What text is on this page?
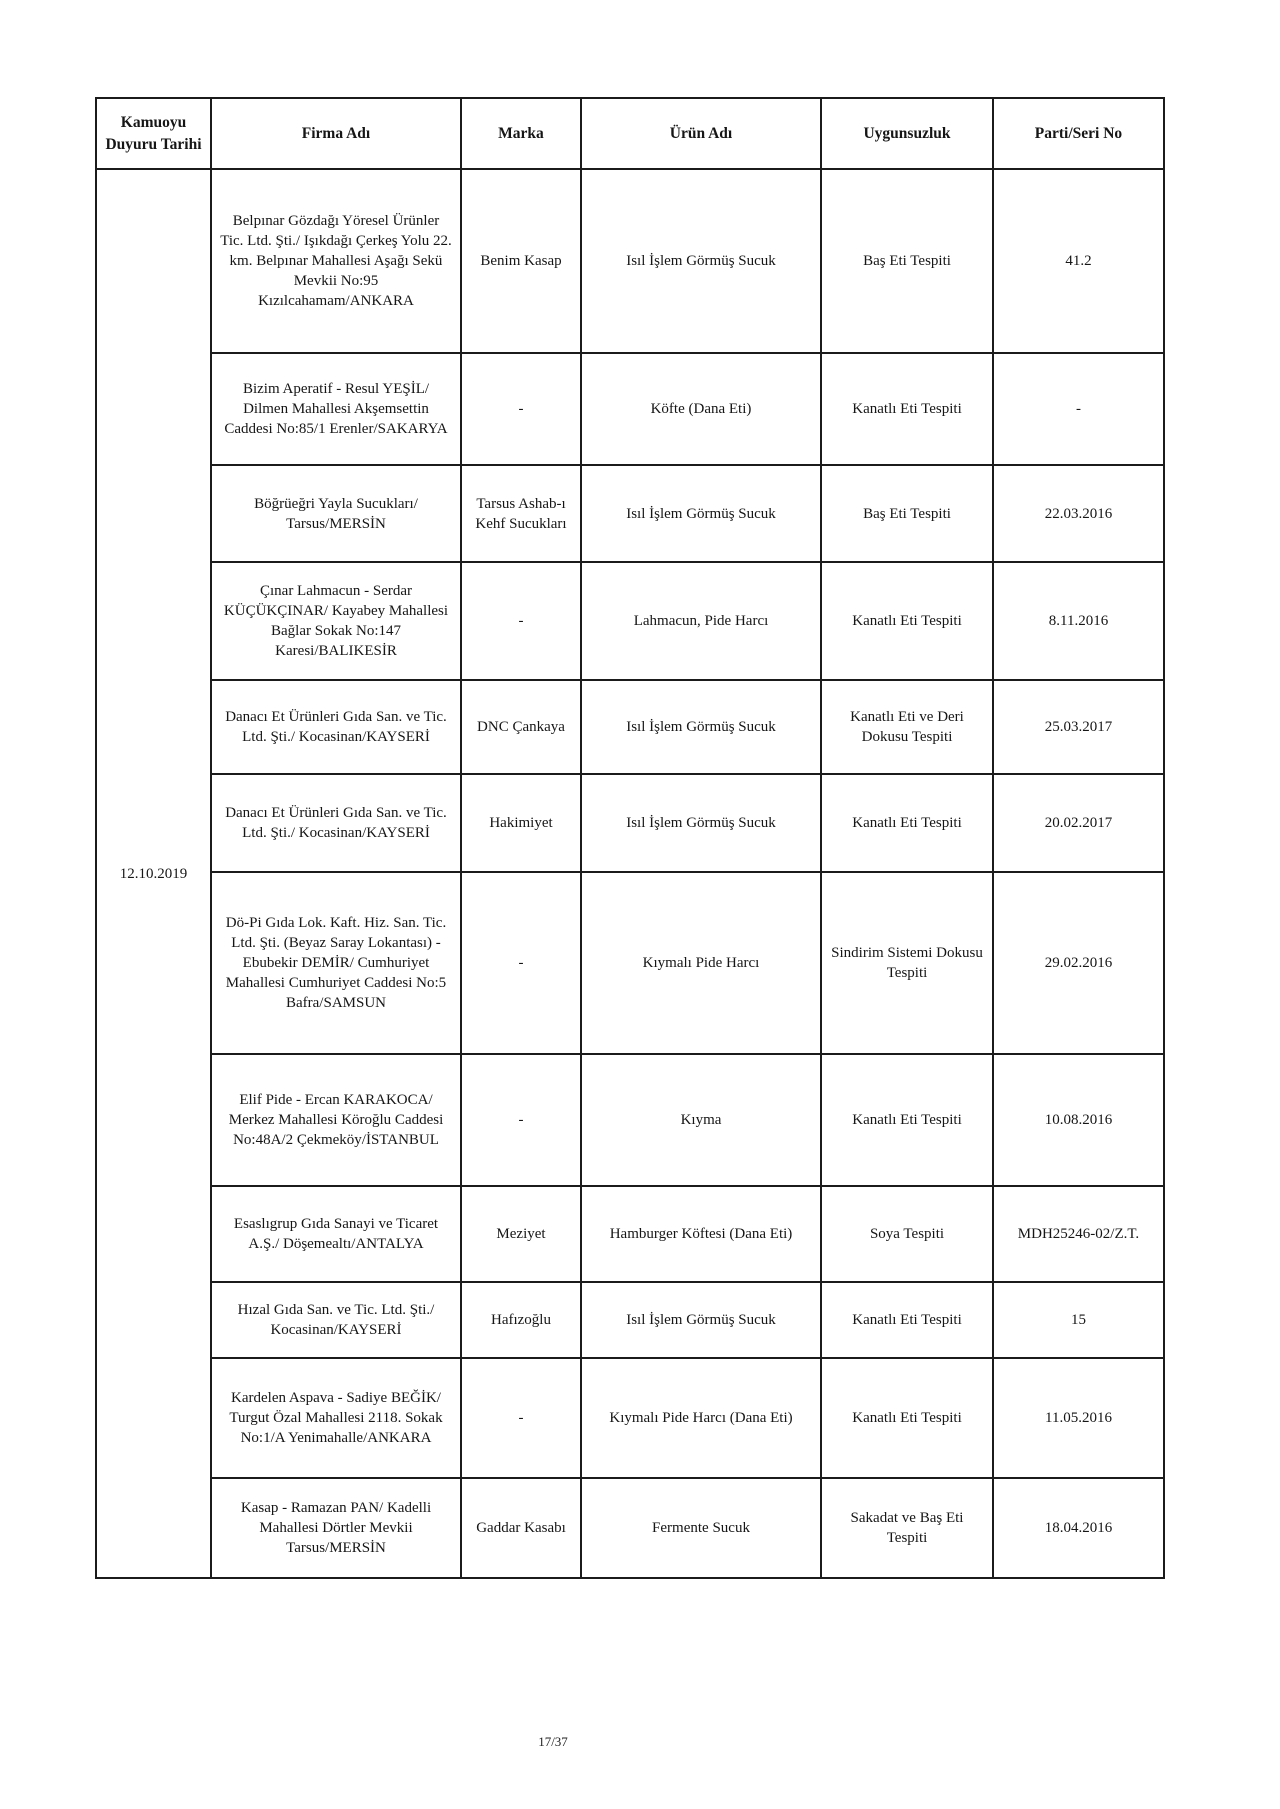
Kamuoyu Duyuru Tarihi	Firma Adı	Marka	Ürün Adı	Uygunsuzluk	Parti/Seri No
12.10.2019	Belpınar Gözdağı Yöresel Ürünler Tic. Ltd. Şti./ Işıkdağı Çerkeş Yolu 22. km. Belpınar Mahallesi Aşağı Sekü Mevkii No:95 Kızılcahamam/ANKARA	Benim Kasap	Isıl İşlem Görmüş Sucuk	Baş Eti Tespiti	41.2
	Bizim Aperatif - Resul YEŞİL/ Dilmen Mahallesi Akşemsettin Caddesi No:85/1 Erenler/SAKARYA	-	Köfte (Dana Eti)	Kanatlı Eti Tespiti	-
	Böğrüeğri Yayla Sucukları/ Tarsus/MERSİN	Tarsus Ashab-ı Kehf Sucukları	Isıl İşlem Görmüş Sucuk	Baş Eti Tespiti	22.03.2016
	Çınar Lahmacun - Serdar KÜÇÜKÇINAR/ Kayabey Mahallesi Bağlar Sokak No:147 Karesi/BALIKESİR	-	Lahmacun, Pide Harcı	Kanatlı Eti Tespiti	8.11.2016
	Danacı Et Ürünleri Gıda San. ve Tic. Ltd. Şti./ Kocasinan/KAYSERİ	DNC Çankaya	Isıl İşlem Görmüş Sucuk	Kanatlı Eti ve Deri Dokusu Tespiti	25.03.2017
	Danacı Et Ürünleri Gıda San. ve Tic. Ltd. Şti./ Kocasinan/KAYSERİ	Hakimiyet	Isıl İşlem Görmüş Sucuk	Kanatlı Eti Tespiti	20.02.2017
	Dö-Pi Gıda Lok. Kaft. Hiz. San. Tic. Ltd. Şti. (Beyaz Saray Lokantası) - Ebubekir DEMİR/ Cumhuriyet Mahallesi Cumhuriyet Caddesi No:5 Bafra/SAMSUN	-	Kıymalı Pide Harcı	Sindirim Sistemi Dokusu Tespiti	29.02.2016
	Elif Pide - Ercan KARAKOCA/ Merkez Mahallesi Köroğlu Caddesi No:48A/2 Çekmeköy/İSTANBUL	-	Kıyma	Kanatlı Eti Tespiti	10.08.2016
	Esaslıgrup Gıda Sanayi ve Ticaret A.Ş./ Döşemealtı/ANTALYA	Meziyet	Hamburger Köftesi (Dana Eti)	Soya Tespiti	MDH25246-02/Z.T.
	Hızal Gıda San. ve Tic. Ltd. Şti./ Kocasinan/KAYSERİ	Hafızoğlu	Isıl İşlem Görmüş Sucuk	Kanatlı Eti Tespiti	15
	Kardelen Aspava - Sadiye BEĞİK/ Turgut Özal Mahallesi 2118. Sokak No:1/A Yenimahalle/ANKARA	-	Kıymalı Pide Harcı (Dana Eti)	Kanatlı Eti Tespiti	11.05.2016
	Kasap - Ramazan PAN/ Kadelli Mahallesi Dörtler Mevkii Tarsus/MERSİN	Gaddar Kasabı	Fermente Sucuk	Sakadat ve Baş Eti Tespiti	18.04.2016
17/37
